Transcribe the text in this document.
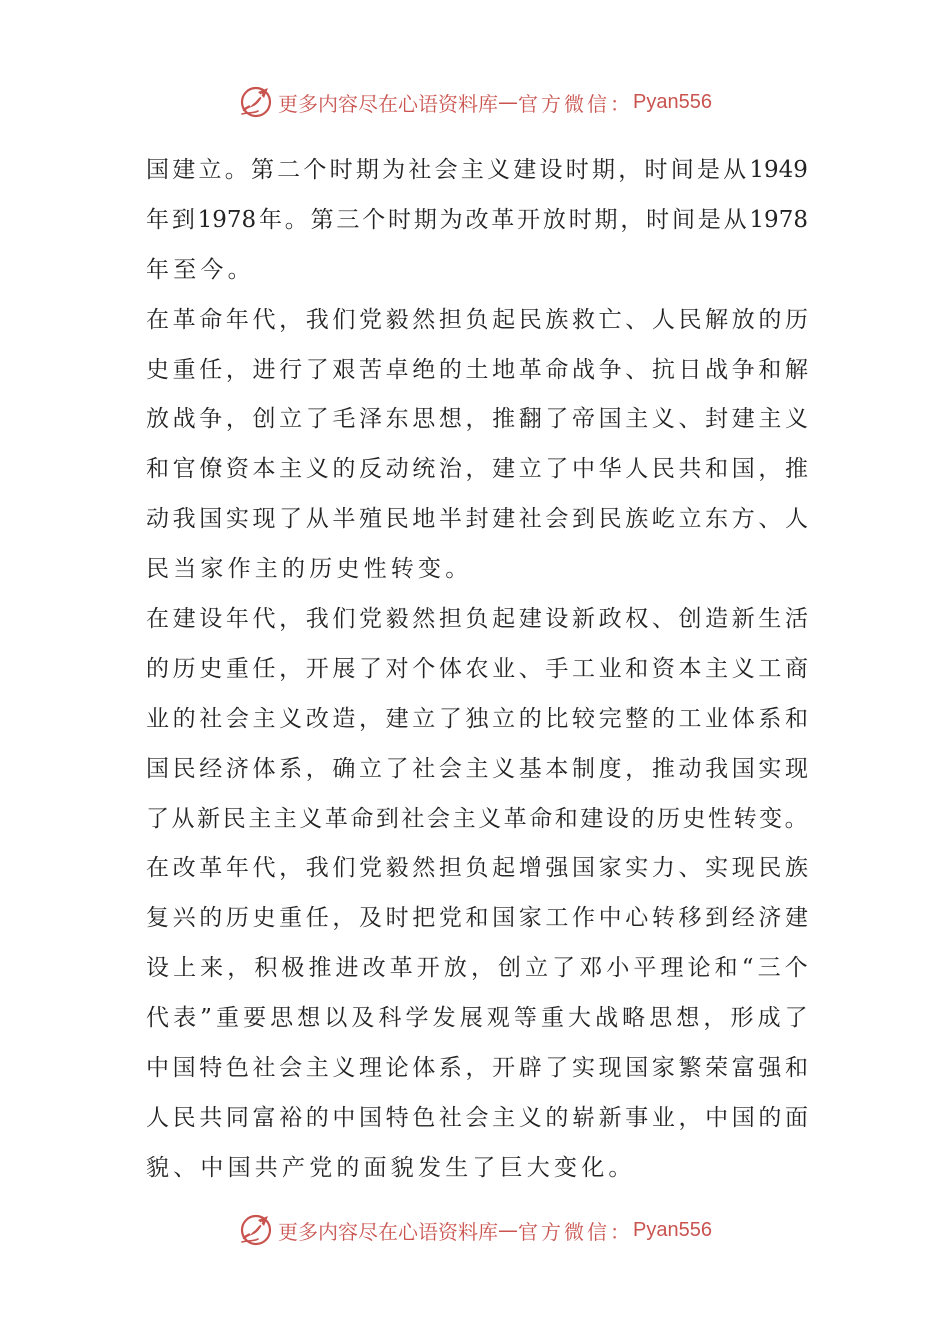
更多内容尽在心语资料库 — 官方微信： Pyan556
国 建 立 。 第 二 个 时 期 为 社 会 主 义 建 设 时 期 ， 时 间 是 从 1949
年 到 1978 年 。 第 三 个 时 期 为 改 革 开 放 时 期 ， 时 间 是 从 1978
年至今。
在 革 命 年 代 ， 我 们 党 毅 然 担 负 起 民 族 救 亡 、 人 民 解 放 的 历
史 重 任 ， 进 行 了 艰 苦 卓 绝 的 土 地 革 命 战 争 、 抗 日 战 争 和 解
放 战 争 ， 创 立 了 毛 泽 东 思 想 ， 推 翻 了 帝 国 主 义 、 封 建 主 义
和 官 僚 资 本 主 义 的 反 动 统 治 ， 建 立 了 中 华 人 民 共 和 国 ， 推
动 我 国 实 现 了 从 半 殖 民 地 半 封 建 社 会 到 民 族 屹 立 东 方 、 人
民当家作主的历史性转变。
在 建 设 年 代 ， 我 们 党 毅 然 担 负 起 建 设 新 政 权 、 创 造 新 生 活
的 历 史 重 任 ， 开 展 了 对 个 体 农 业 、 手 工 业 和 资 本 主 义 工 商
业 的 社 会 主 义 改 造 ， 建 立 了 独 立 的 比 较 完 整 的 工 业 体 系 和
国 民 经 济 体 系 ， 确 立 了 社 会 主 义 基 本 制 度 ， 推 动 我 国 实 现
了 从 新 民 主 主 义 革 命 到 社 会 主 义 革 命 和 建 设 的 历 史 性 转 变 。
在 改 革 年 代 ， 我 们 党 毅 然 担 负 起 增 强 国 家 实 力 、 实 现 民 族
复 兴 的 历 史 重 任 ， 及 时 把 党 和 国 家 工 作 中 心 转 移 到 经 济 建
设 上 来 ， 积 极 推 进 改 革 开 放 ， 创 立 了 邓 小 平 理 论 和 “ 三 个
代 表 ” 重 要 思 想 以 及 科 学 发 展 观 等 重 大 战 略 思 想 ， 形 成 了
中 国 特 色 社 会 主 义 理 论 体 系 ， 开 辟 了 实 现 国 家 繁 荣 富 强 和
人 民 共 同 富 裕 的 中 国 特 色 社 会 主 义 的 崭 新 事 业 ， 中 国 的 面
貌、中国共产党的面貌发生了巨大变化。
更多内容尽在心语资料库 — 官方微信： Pyan556
